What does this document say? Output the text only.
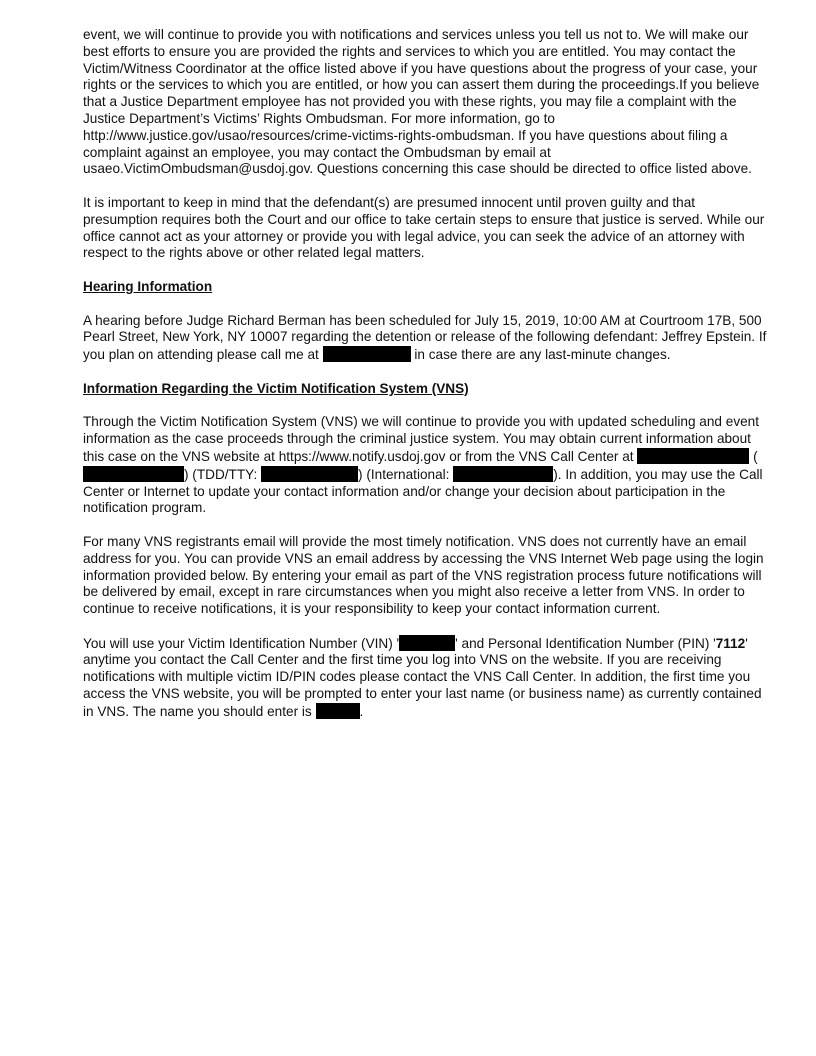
event, we will continue to provide you with notifications and services unless you tell us not to. We will make our best efforts to ensure you are provided the rights and services to which you are entitled. You may contact the Victim/Witness Coordinator at the office listed above if you have questions about the progress of your case, your rights or the services to which you are entitled, or how you can assert them during the proceedings.If you believe that a Justice Department employee has not provided you with these rights, you may file a complaint with the Justice Department’s Victims’ Rights Ombudsman. For more information, go to http://www.justice.gov/usao/resources/crime-victims-rights-ombudsman. If you have questions about filing a complaint against an employee, you may contact the Ombudsman by email at usaeo.VictimOmbudsman@usdoj.gov. Questions concerning this case should be directed to office listed above.

It is important to keep in mind that the defendant(s) are presumed innocent until proven guilty and that presumption requires both the Court and our office to take certain steps to ensure that justice is served. While our office cannot act as your attorney or provide you with legal advice, you can seek the advice of an attorney with respect to the rights above or other related legal matters.

Hearing Information

A hearing before Judge Richard Berman has been scheduled for July 15, 2019, 10:00 AM at Courtroom 17B, 500 Pearl Street, New York, NY 10007 regarding the detention or release of the following defendant: Jeffrey Epstein. If you plan on attending please call me at	in case there are any last-minute changes.

Information Regarding the Victim Notification System (VNS)

Through the Victim Notification System (VNS) we will continue to provide you with updated scheduling and event information as the case proceeds through the criminal justice system. You may obtain current information about this case on the VNS website at https://www.notify.usdoj.gov or from the VNS Call Center at	() (TDD/TTY:	) (International:	). In addition, you may use the Call Center or Internet to update your contact information and/or change your decision about participation in the notification program.

For many VNS registrants email will provide the most timely notification. VNS does not currently have an email address for you. You can provide VNS an email address by accessing the VNS Internet Web page using the login information provided below. By entering your email as part of the VNS registration process future notifications will be delivered by email, except in rare circumstances when you might also receive a letter from VNS. In order to continue to receive notifications, it is your responsibility to keep your contact information current.

You will use your Victim Identification Number (VIN) '	' and Personal Identification Number (PIN) '7112' anytime you contact the Call Center and the first time you log into VNS on the website. If you are receiving notifications with multiple victim ID/PIN codes please contact the VNS Call Center. In addition, the first time you access the VNS website, you will be prompted to enter your last name (or business name) as currently contained in VNS. The name you should enter is	.
